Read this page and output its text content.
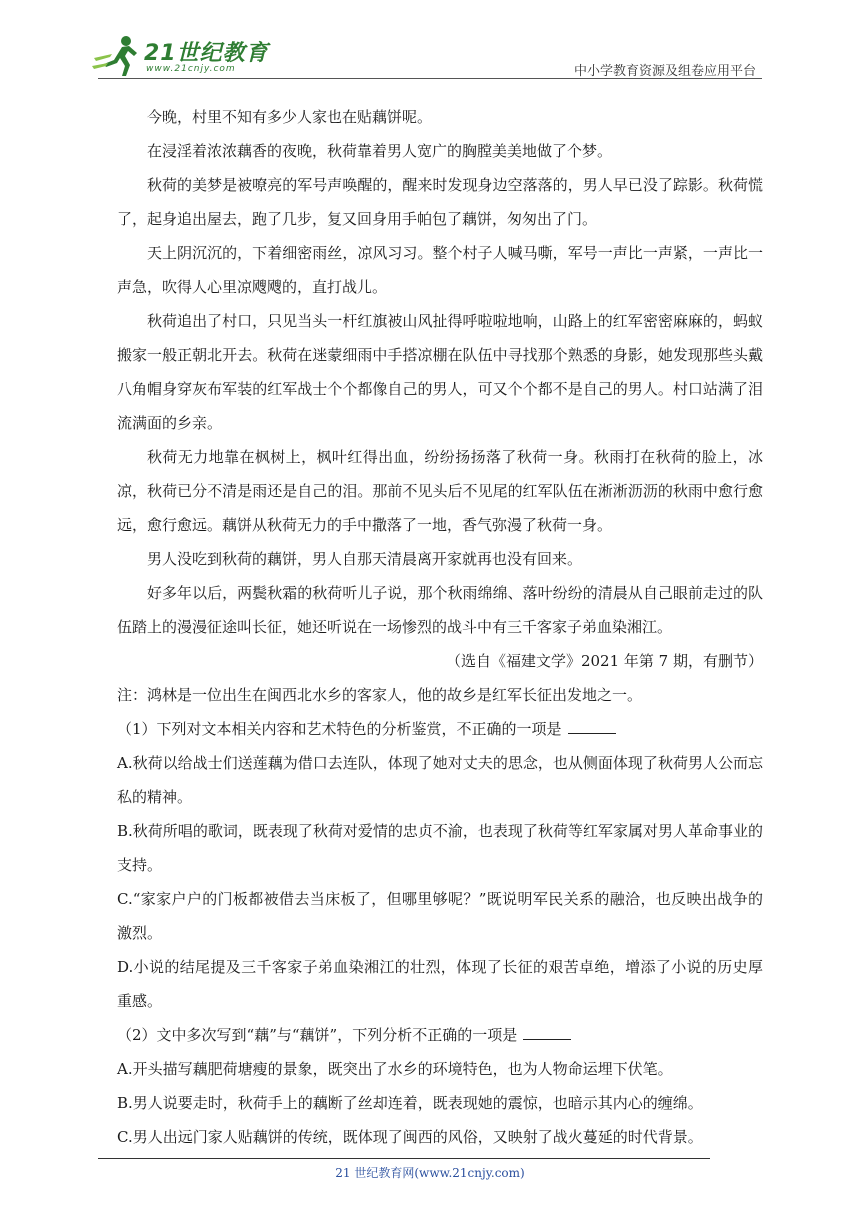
21世纪教育
www.21cnjy.com	中小学教育资源及组卷应用平台

今晚，村里不知有多少人家也在贴藕饼呢。

在浸淫着浓浓藕香的夜晚，秋荷靠着男人宽广的胸膛美美地做了个梦。

秋荷的美梦是被嘹亮的军号声唤醒的，醒来时发现身边空落落的，男人早已没了踪影。秋荷慌了，起身追出屋去，跑了几步，复又回身用手帕包了藕饼，匆匆出了门。

天上阴沉沉的，下着细密雨丝，凉风习习。整个村子人喊马嘶，军号一声比一声紧，一声比一声急，吹得人心里凉飕飕的，直打战儿。

秋荷追出了村口，只见当头一杆红旗被山风扯得呼啦啦地响，山路上的红军密密麻麻的，蚂蚁搬家一般正朝北开去。秋荷在迷蒙细雨中手搭凉棚在队伍中寻找那个熟悉的身影，她发现那些头戴八角帽身穿灰布军装的红军战士个个都像自己的男人，可又个个都不是自己的男人。村口站满了泪流满面的乡亲。

秋荷无力地靠在枫树上，枫叶红得出血，纷纷扬扬落了秋荷一身。秋雨打在秋荷的脸上，冰凉，秋荷已分不清是雨还是自己的泪。那前不见头后不见尾的红军队伍在淅淅沥沥的秋雨中愈行愈远，愈行愈远。藕饼从秋荷无力的手中撒落了一地，香气弥漫了秋荷一身。

男人没吃到秋荷的藕饼，男人自那天清晨离开家就再也没有回来。

好多年以后，两鬓秋霜的秋荷听儿子说，那个秋雨绵绵、落叶纷纷的清晨从自己眼前走过的队伍踏上的漫漫征途叫长征，她还听说在一场惨烈的战斗中有三千客家子弟血染湘江。

（选自《福建文学》2021 年第 7 期，有删节）

注：鸿林是一位出生在闽西北水乡的客家人，他的故乡是红军长征出发地之一。

（1）下列对文本相关内容和艺术特色的分析鉴赏，不正确的一项是

A.秋荷以给战士们送莲藕为借口去连队，体现了她对丈夫的思念，也从侧面体现了秋荷男人公而忘私的精神。

B.秋荷所唱的歌词，既表现了秋荷对爱情的忠贞不渝，也表现了秋荷等红军家属对男人革命事业的支持。

C.“家家户户的门板都被借去当床板了，但哪里够呢？”既说明军民关系的融洽，也反映出战争的激烈。

D.小说的结尾提及三千客家子弟血染湘江的壮烈，体现了长征的艰苦卓绝，增添了小说的历史厚重感。

（2）文中多次写到“藕”与“藕饼”，下列分析不正确的一项是

A.开头描写藕肥荷塘瘦的景象，既突出了水乡的环境特色，也为人物命运埋下伏笔。

B.男人说要走时，秋荷手上的藕断了丝却连着，既表现她的震惊，也暗示其内心的缠绵。

C.男人出远门家人贴藕饼的传统，既体现了闽西的风俗，又映射了战火蔓延的时代背景。

21 世纪教育网(www.21cnjy.com)
